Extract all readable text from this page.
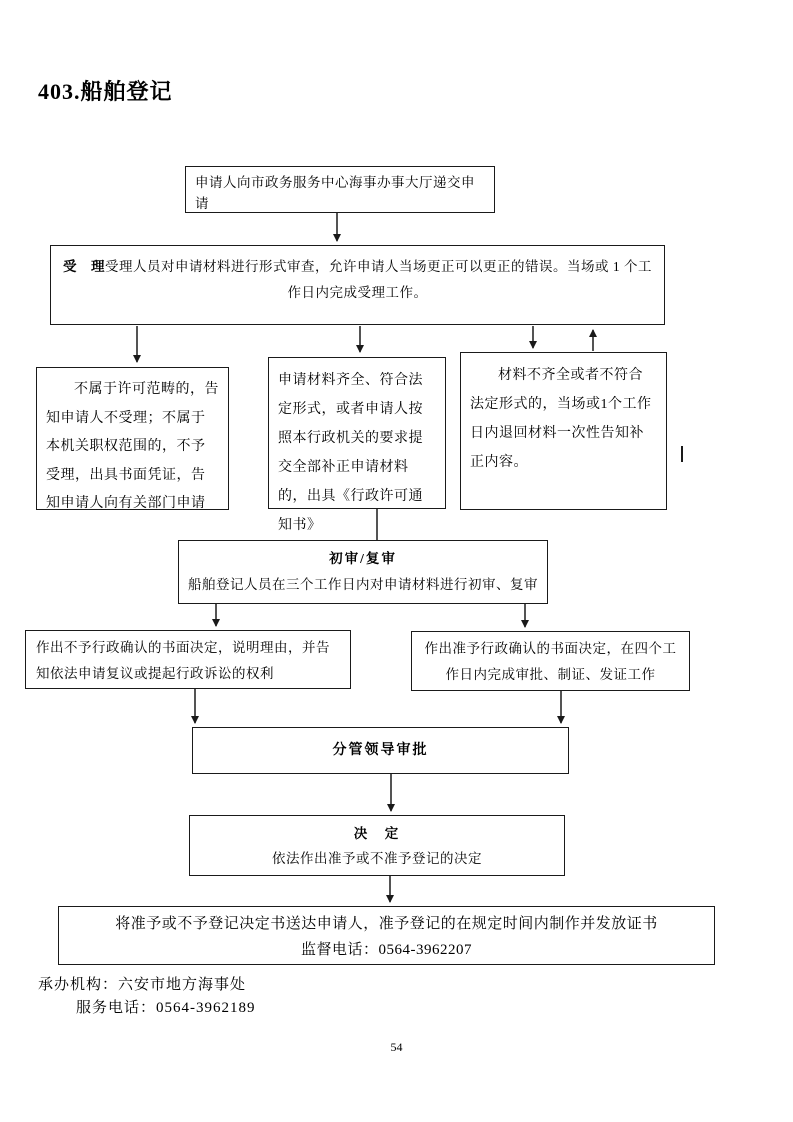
403.船舶登记
申请人向市政务服务中心海事办事大厅递交申请
受　理受理人员对申请材料进行形式审查，允许申请人当场更正可以更正的错误。当场或 1 个工作日内完成受理工作。
不属于许可范畴的，告知申请人不受理；不属于本机关职权范围的，不予受理，出具书面凭证，告知申请人向有关部门申请
申请材料齐全、符合法定形式，或者申请人按照本行政机关的要求提交全部补正申请材料的，出具《行政许可通知书》
材料不齐全或者不符合法定形式的，当场或1个工作日内退回材料一次性告知补正内容。
初审/复审
船舶登记人员在三个工作日内对申请材料进行初审、复审
作出不予行政确认的书面决定，说明理由，并告知依法申请复议或提起行政诉讼的权利
作出准予行政确认的书面决定，在四个工作日内完成审批、制证、发证工作
分管领导审批
决　定
依法作出准予或不准予登记的决定
将准予或不予登记决定书送达申请人，准予登记的在规定时间内制作并发放证书
监督电话：0564-3962207
承办机构：六安市地方海事处
服务电话：0564-3962189
54
